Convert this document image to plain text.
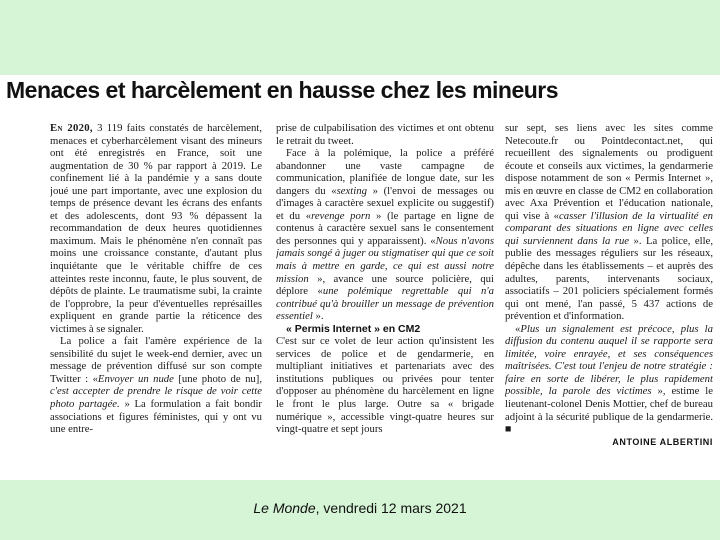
Menaces et harcèlement en hausse chez les mineurs

En 2020, 3 119 faits constatés de harcèlement, menaces et cyberharcèlement visant des mineurs ont été enregistrés en France, soit une augmentation de 30 % par rapport à 2019. Le confinement lié à la pandémie y a sans doute joué une part importante, avec une explosion du temps de présence devant les écrans des enfants et des adolescents, dont 93 % dépassent la recommandation de deux heures quotidiennes maximum. Mais le phénomène n'en connaît pas moins une croissance constante, d'autant plus inquiétante que le véritable chiffre de ces atteintes reste inconnu, faute, le plus souvent, de dépôts de plainte. Le traumatisme subi, la crainte de l'opprobre, la peur d'éventuelles représailles expliquent en grande partie la réticence des victimes à se signaler.

La police a fait l'amère expérience de la sensibilité du sujet le week-end dernier, avec un message de prévention diffusé sur son compte Twitter : «Envoyer un nude [une photo de nu], c'est accepter de prendre le risque de voir cette photo partagée. » La formulation a fait bondir associations et figures féministes, qui y ont vu une entre-

prise de culpabilisation des victimes et ont obtenu le retrait du tweet.

Face à la polémique, la police a préféré abandonner une vaste campagne de communication, planifiée de longue date, sur les dangers du «sexting » (l'envoi de messages ou d'images à caractère sexuel explicite ou suggestif) et du «revenge porn » (le partage en ligne de contenus à caractère sexuel sans le consentement des personnes qui y apparaissent). «Nous n'avons jamais songé à juger ou stigmatiser qui que ce soit mais à mettre en garde, ce qui est aussi notre mission », avance une source policière, qui déplore «une polémique regrettable qui n'a contribué qu'à brouiller un message de prévention essentiel ».

« Permis Internet » en CM2

C'est sur ce volet de leur action qu'insistent les services de police et de gendarmerie, en multipliant initiatives et partenariats avec des institutions publiques ou privées pour tenter d'opposer au phénomène du harcèlement en ligne le front le plus large. Outre sa « brigade numérique », accessible vingt-quatre heures sur vingt-quatre et sept jours

sur sept, ses liens avec les sites comme Netecoute.fr ou Pointdecontact.net, qui recueillent des signalements ou prodiguent écoute et conseils aux victimes, la gendarmerie dispose notamment de son « Permis Internet », mis en œuvre en classe de CM2 en collaboration avec Axa Prévention et l'éducation nationale, qui vise à «casser l'illusion de la virtualité en comparant des situations en ligne avec celles qui surviennent dans la rue ». La police, elle, publie des messages réguliers sur les réseaux, dépêche dans les établissements – et auprès des adultes, parents, intervenants sociaux, associatifs – 201 policiers spécialement formés qui ont mené, l'an passé, 5 437 actions de prévention et d'information.

«Plus un signalement est précoce, plus la diffusion du contenu auquel il se rapporte sera limitée, voire enrayée, et ses conséquences maîtrisées. C'est tout l'enjeu de notre stratégie : faire en sorte de libérer, le plus rapidement possible, la parole des victimes », estime le lieutenant-colonel Denis Mottier, chef de bureau adjoint à la sécurité publique de la gendarmerie. ■

ANTOINE ALBERTINI

Le Monde, vendredi 12 mars 2021
